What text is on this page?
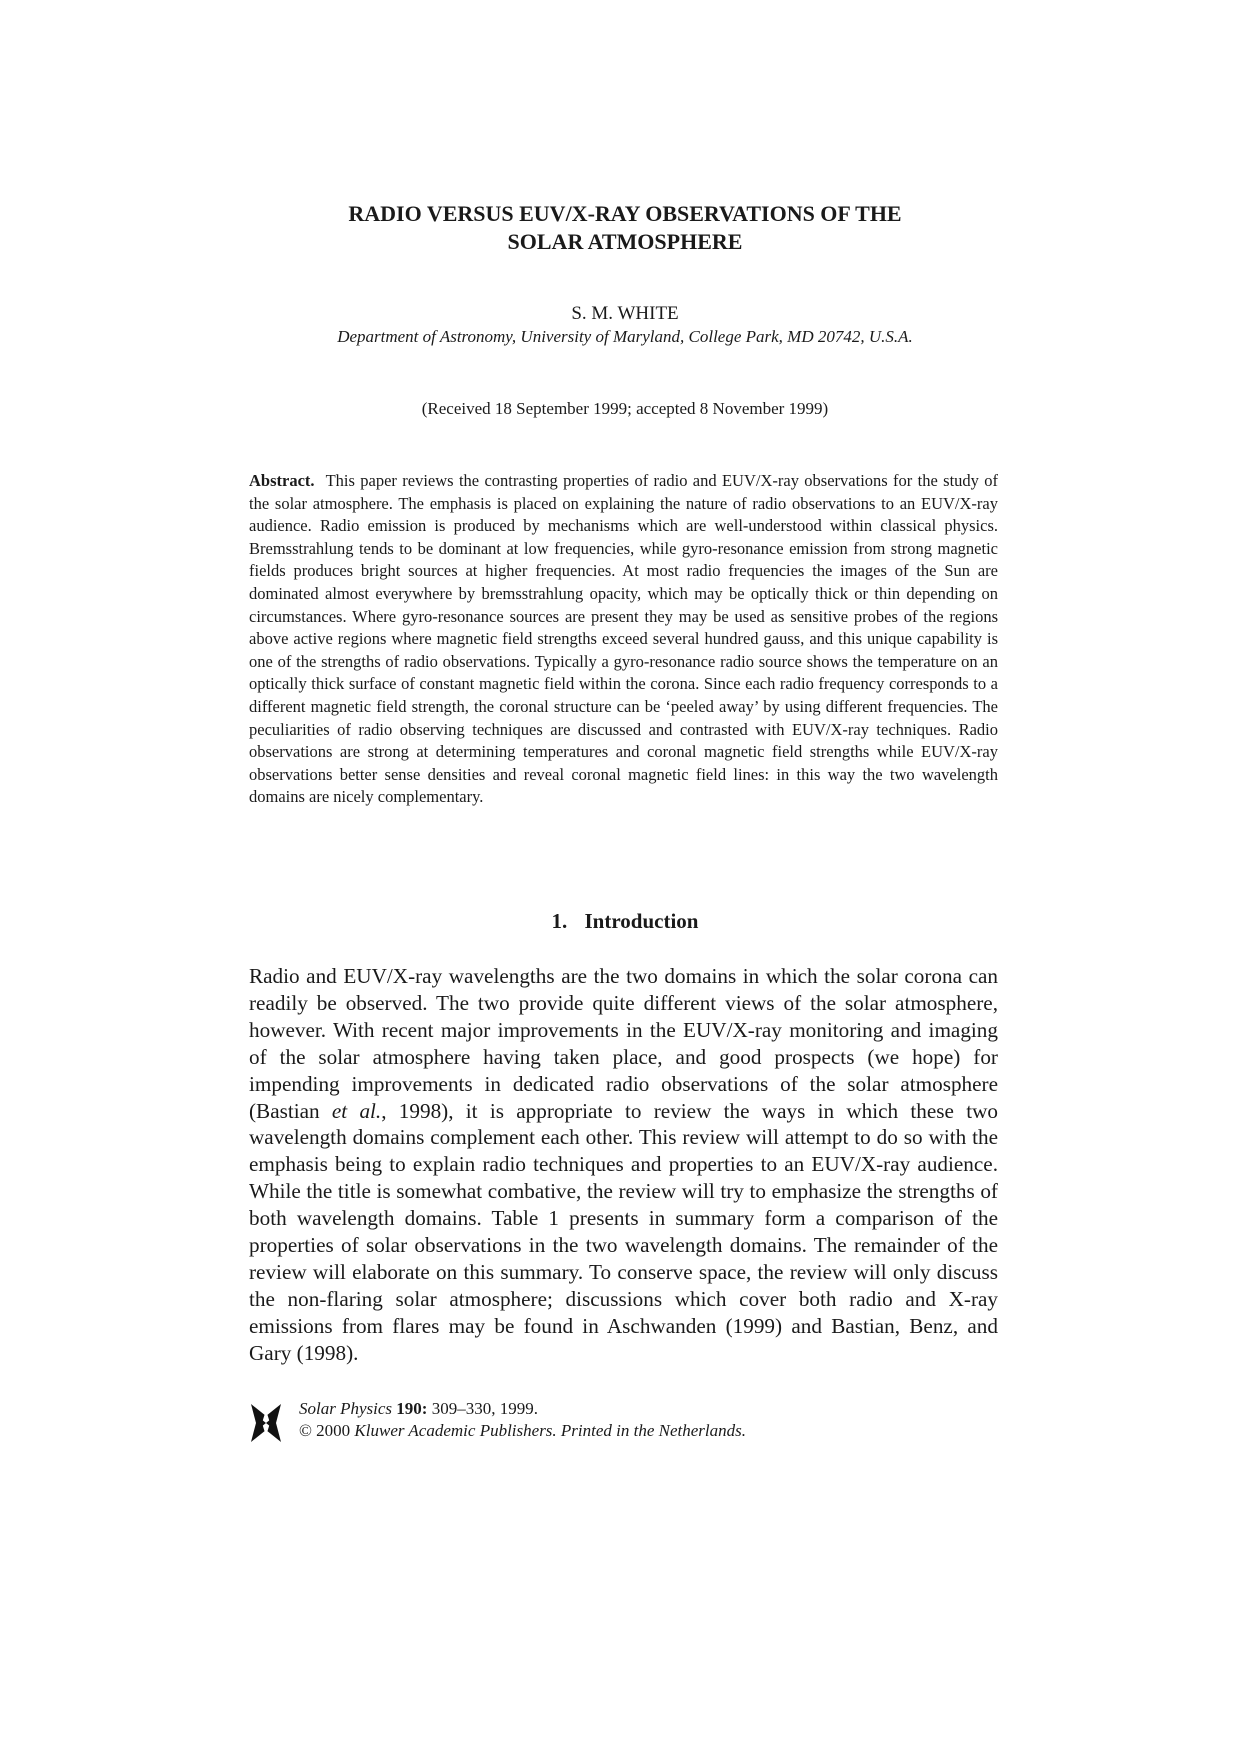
RADIO VERSUS EUV/X-RAY OBSERVATIONS OF THE
SOLAR ATMOSPHERE
S. M. WHITE
Department of Astronomy, University of Maryland, College Park, MD 20742, U.S.A.
(Received 18 September 1999; accepted 8 November 1999)
Abstract. This paper reviews the contrasting properties of radio and EUV/X-ray observations for the study of the solar atmosphere. The emphasis is placed on explaining the nature of radio observations to an EUV/X-ray audience. Radio emission is produced by mechanisms which are well-understood within classical physics. Bremsstrahlung tends to be dominant at low frequencies, while gyro-resonance emission from strong magnetic fields produces bright sources at higher frequencies. At most radio frequencies the images of the Sun are dominated almost everywhere by bremsstrahlung opacity, which may be optically thick or thin depending on circumstances. Where gyro-resonance sources are present they may be used as sensitive probes of the regions above active regions where magnetic field strengths exceed several hundred gauss, and this unique capability is one of the strengths of radio observations. Typically a gyro-resonance radio source shows the temperature on an optically thick surface of constant magnetic field within the corona. Since each radio frequency corresponds to a different magnetic field strength, the coronal structure can be ‘peeled away’ by using different frequencies. The peculiarities of radio observing techniques are discussed and contrasted with EUV/X-ray techniques. Radio observations are strong at determining temperatures and coronal magnetic field strengths while EUV/X-ray observations better sense densities and reveal coronal magnetic field lines: in this way the two wavelength domains are nicely complementary.
1. Introduction
Radio and EUV/X-ray wavelengths are the two domains in which the solar corona can readily be observed. The two provide quite different views of the solar atmosphere, however. With recent major improvements in the EUV/X-ray monitoring and imaging of the solar atmosphere having taken place, and good prospects (we hope) for impending improvements in dedicated radio observations of the solar atmosphere (Bastian et al., 1998), it is appropriate to review the ways in which these two wavelength domains complement each other. This review will attempt to do so with the emphasis being to explain radio techniques and properties to an EUV/X-ray audience. While the title is somewhat combative, the review will try to emphasize the strengths of both wavelength domains. Table 1 presents in summary form a comparison of the properties of solar observations in the two wavelength domains. The remainder of the review will elaborate on this summary. To conserve space, the review will only discuss the non-flaring solar atmosphere; discussions which cover both radio and X-ray emissions from flares may be found in Aschwanden (1999) and Bastian, Benz, and Gary (1998).
Solar Physics 190: 309–330, 1999.
© 2000 Kluwer Academic Publishers. Printed in the Netherlands.
